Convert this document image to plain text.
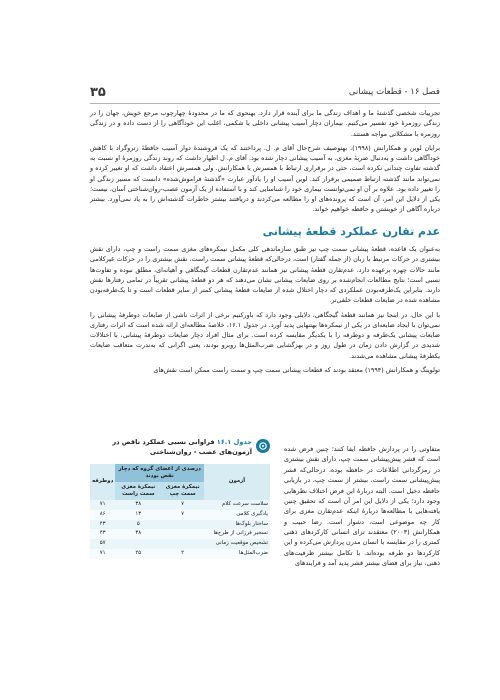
۳۵	فصل ۱۶ - قطعات پیشانی

تجربیات شخصی گذشتهٔ ما و اهداف زندگی ما برای آینده قرار دارد. بهنحوی که ما در محدودهٔ چهارچوب مرجع خویش، جهان را در زندگی روزمرهٔ خود تفسیر می‌کنیم. بیماران دچار آسیب پیشانی داخلی یا شکمی، اغلب این خودآگاهی را از دست داده و در زندگی روزمره با مشکلاتی مواجه هستند.

برایان لوین و همکارانش (۱۹۹۸)، بهتوصیف شرح‌حال آقای م. ل. پرداختند که یک فروشندهٔ دوار آسیب حافظهٔ رتروگراد با کاهش خودآگاهی داشت و به‌دنبال ضربهٔ مغزی، به آسیب پیشانی دچار شده بود. آقای م. ل اظهار داشت که روند زندگی روزمرهٔ او نسبت به گذشته تفاوت چندانی نکرده است، حتی در برقراری ارتباط با همسرش یا همکارانش. ولی همسرش اعتقاد داشت که او تغییر کرده و نمی‌تواند مانند گذشته ارتباط صمیمی برقرار کند. لوین آسیب او را یادآور عبارت «گذشتهٔ فراموش‌شده» دانست که مسیر زندگی او را تغییر داده بود. علاوه بر آن او نمی‌توانست بیماری خود را شناسایی کند و با استفاده از یک آزمون عصب-روان‌شناختی آسان، نیست؛ یکی از دلایل این امر، آن است که پرونده‌های او را مطالعه می‌کردند و دریافتند بیشتر خاطرات گذشته‌اش را به یاد نمی‌آورد. بیشتر درباره آگاهی از خویشتن و حافظه خواهیم خواند.

عدم تقارن عملکرد قطعهٔ پیشانی

به‌عنوان یک قاعده، قطعهٔ پیشانی سمت چپ نیز طبق سازماندهی کلی مکمل نیمکره‌های مغزی سمت راست و چپ، دارای نقش بیشتری در حرکات مرتبط با زبان (از جمله گفتار) است، درحالی‌که قطعهٔ پیشانی سمت راست، نقش بیشتری را در حرکات غیرکلامی مانند حالات چهره برعهده دارد. عدم‌تقارن قطعهٔ پیشانی نیز همانند عدم‌تقارن قطعات گیجگاهی و آهیانه‌ای، مطلق نبوده و تفاوت‌ها نسبی است؛ نتایج مطالعات انجام‌شده بر روی ضایعات پیشانی نشان می‌دهند که هر دو قطعهٔ پیشانی تقریباً در تمامی رفتارها نقش دارند. بنابراین یک‌طرفه‌بودن عملکردی که دچار اختلال شده از ضایعات قطعهٔ پیشانی کمتر از سایر قطعات است و تا یک‌طرفه‌بودن مشاهده شده در ضایعات قطعات خلفی‌تر.

با این حال، در اینجا نیز همانند قطعهٔ گیجگاهی، دلایلی وجود دارد که باورکنیم برخی از اثرات ناشی از ضایعات دوطرفهٔ پیشانی را نمی‌توان با ایجاد ضایعه‌ای در یکی از نیمکره‌ها بهتنهایی پدید آورد. در جدول ۱۶.۱، خلاصهٔ مطالعه‌ای ارائه شده است که اثرات رفتاری ضایعات پیشانی یک‌طرفه و دوطرفه را با یکدیگر مقایسه کرده است. برای مثال افراد دچار ضایعات دوطرفهٔ پیشانی، با اختلالات شدیدی در گزارش دادن زمان در طول روز و در بهزگشایی ضرب‌المثل‌ها روبرو بودند، یعنی اگرانی که به‌ندرت متعاقب ضایعات یکطرفهٔ پیشانی مشاهده می‌شدند.

تولوینگ و همکارانش (۱۹۹۴) معتقد بودند که قطعات پیشانی سمت چپ و سمت راست ممکن است نقش‌های

متفاوتی را در پردازش حافظه ایفا کنند؛ چنین فرض شده است که قشر پیش‌پیشانی سمت چپ، دارای نقش بیشتری در رمزگردانی اطلاعات در حافظه بوده، درحالی‌که قشر پیش‌پیشانی سمت راست، بیشتر از سمت چپ، در بازیابی حافظه دخیل است. البته دربارهٔ این فرض اختلاف نظرهایی وجود دارد؛ یکی از دلایل این امر آن است که تحقیق چنین یافته‌هایی با مطالعه‌ها دربارهٔ اینکه عدم‌تقارن مغزی برای کار چه موضوعی است، دشوار است. رضا حبیب و همکارانش (۲۰۰۳) معتقدند تزای انسانی کارکردهای ذهنی کمتری را در مقایسه با انسان مدرن پردازش می‌کرده و این کارکردها دو طرفه بوده‌اند. با تکامل بیشتر ظرفیت‌های ذهنی، نیاز برای فضای بیشتر قشر پدید آمد و فرایندهای

جدول ۱۶.۱ فراوانی نسبی عملکرد ناقص در آزمون‌های عصب - روان‌شناختی
آزمون	درصدی از اعضای گروه که دچار نقص بودند		دوطرفه
	نیمکرهٔ مغزی سمت چپ	نیمکرهٔ مغزی سمت راست	
سلاست سرعت کلام	۷	۳۸	۷۱
یادگیری کلامی	۷	۱۳	۸۶
ساختار بلوک‌ها		۵	۴۳
تسخیر فرزانی از طرح‌ها		۳۸	۴۳
تشخیص موقعیت زمانی			۵۷
ضرب‌المثل‌ها	۲	۲۵	۷۱
